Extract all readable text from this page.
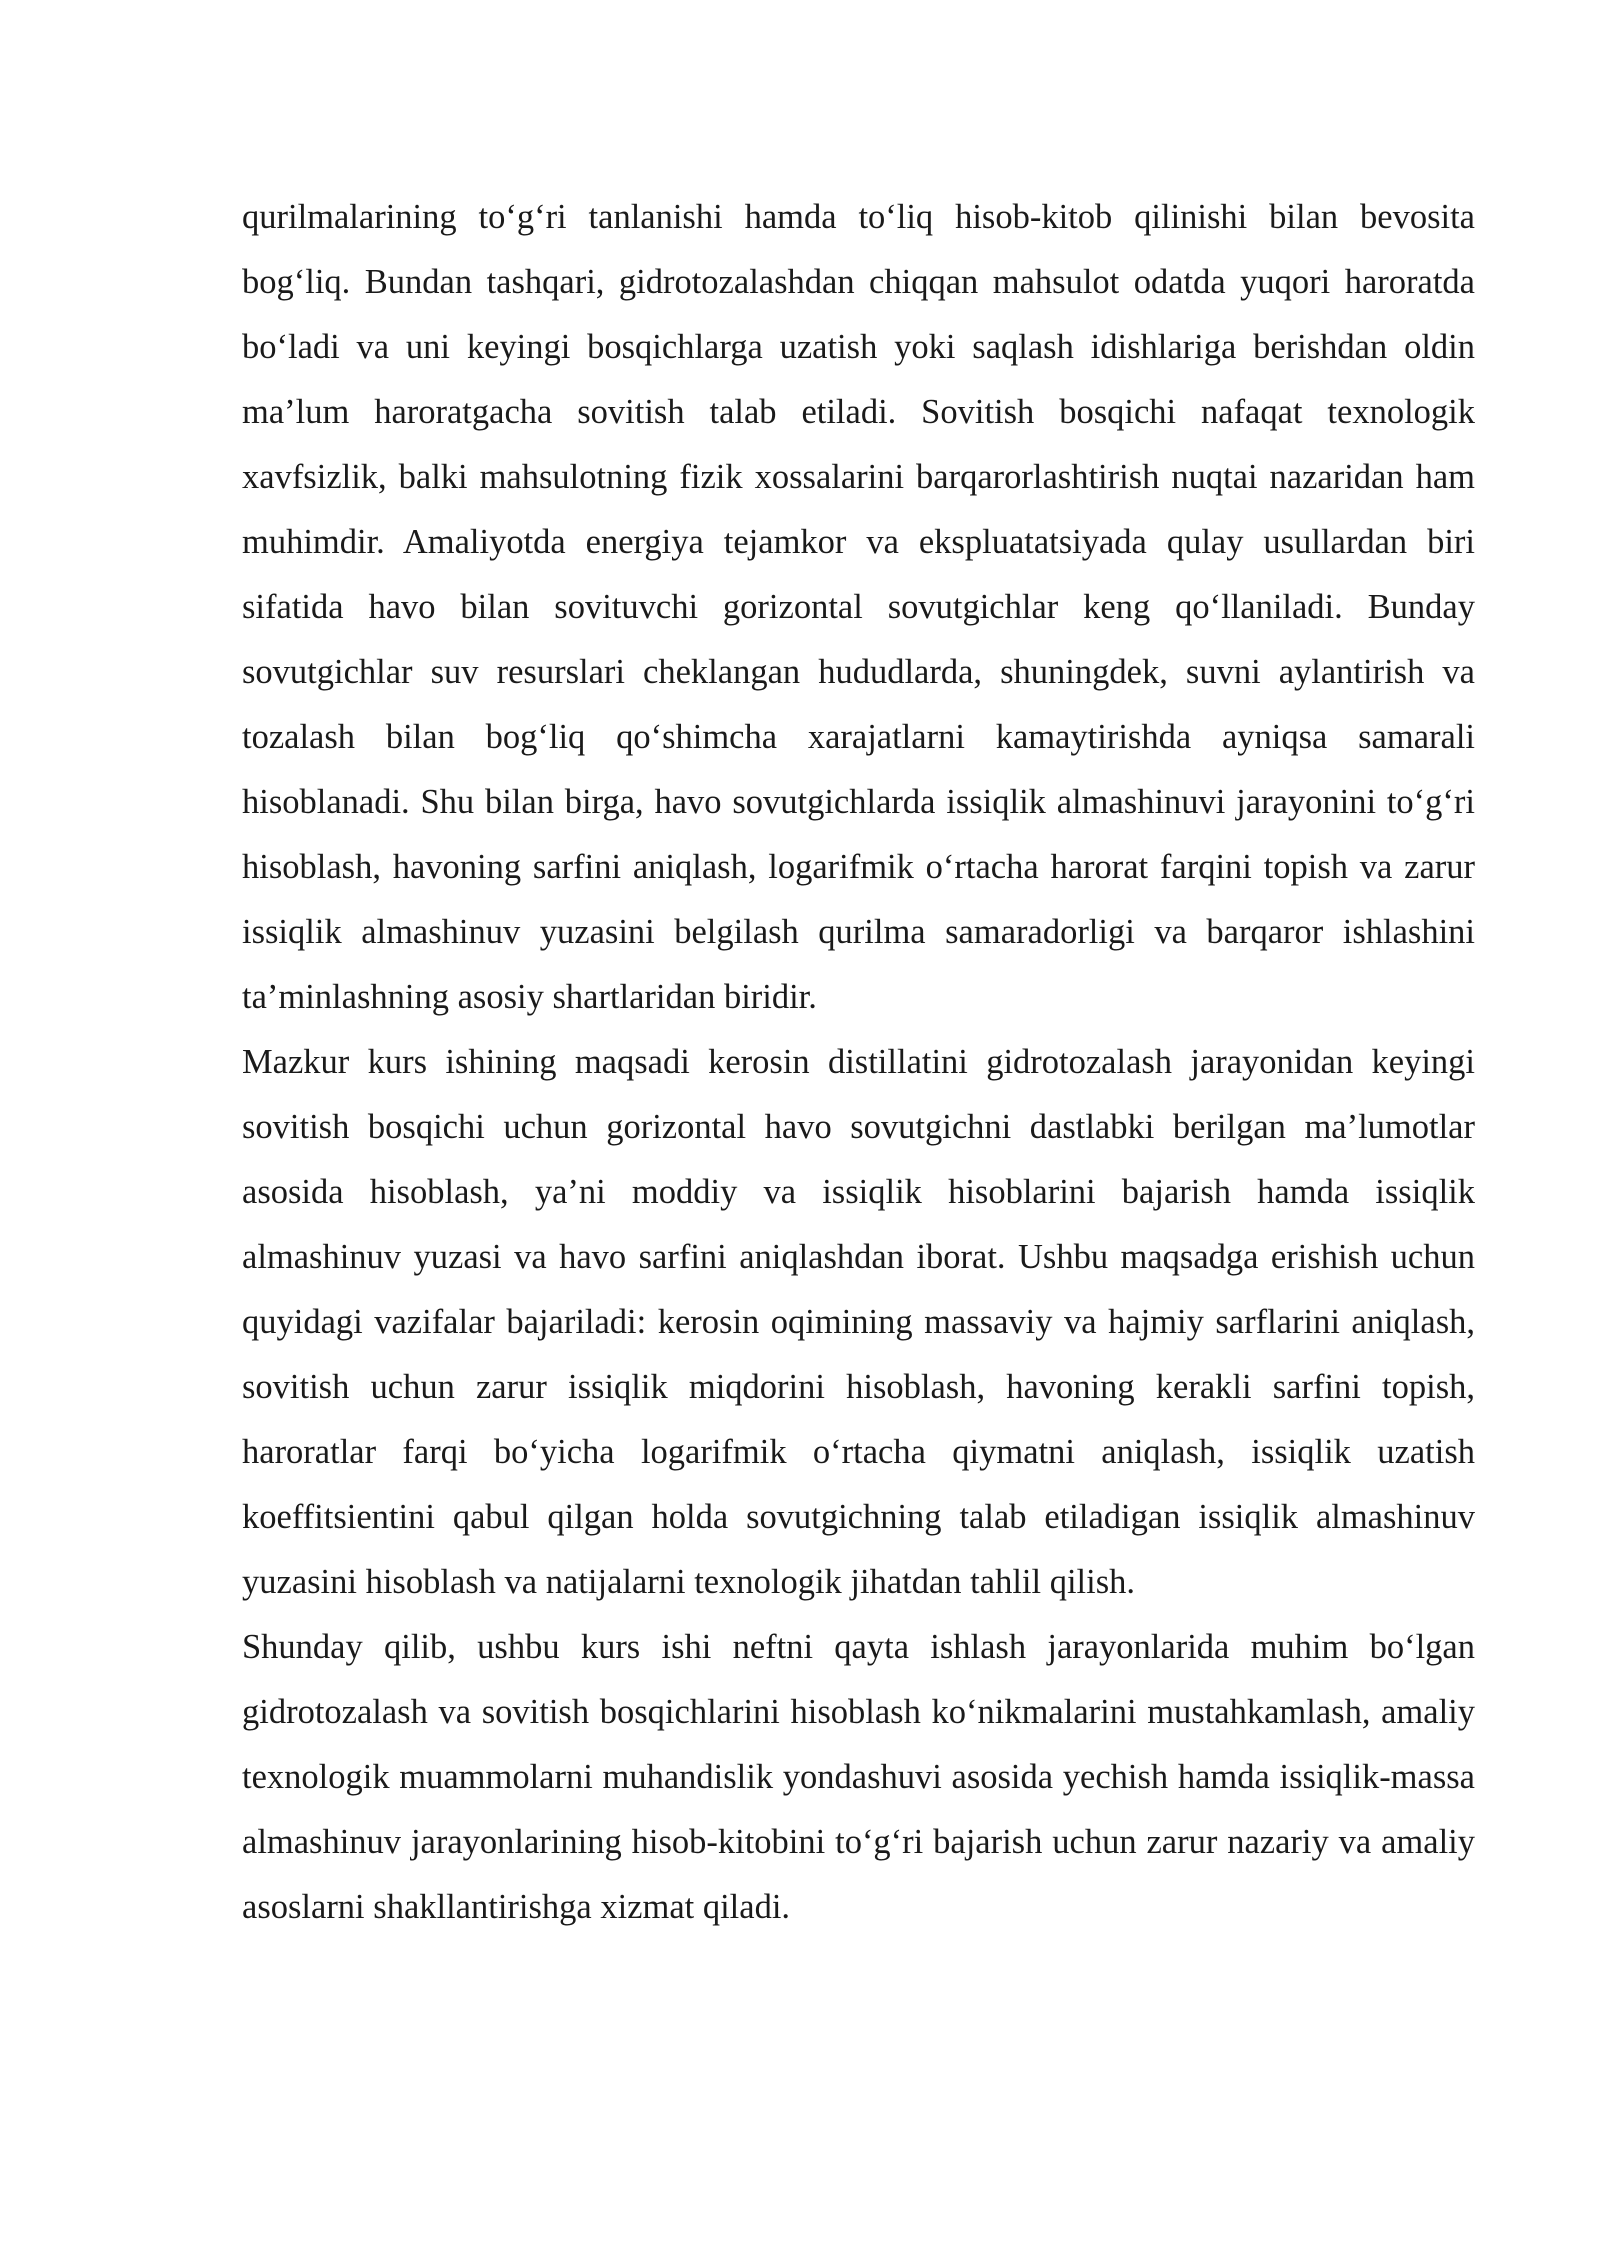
qurilmalarining to‘g‘ri tanlanishi hamda to‘liq hisob-kitob qilinishi bilan bevosita bog‘liq. Bundan tashqari, gidrotozalashdan chiqqan mahsulot odatda yuqori haroratda bo‘ladi va uni keyingi bosqichlarga uzatish yoki saqlash idishlariga berishdan oldin ma’lum haroratgacha sovitish talab etiladi. Sovitish bosqichi nafaqat texnologik xavfsizlik, balki mahsulotning fizik xossalarini barqarorlashtirish nuqtai nazaridan ham muhimdir. Amaliyotda energiya tejamkor va ekspluatatsiyada qulay usullardan biri sifatida havo bilan sovituvchi gorizontal sovutgichlar keng qo‘llaniladi. Bunday sovutgichlar suv resurslari cheklangan hududlarda, shuningdek, suvni aylantirish va tozalash bilan bog‘liq qo‘shimcha xarajatlarni kamaytirishda ayniqsa samarali hisoblanadi. Shu bilan birga, havo sovutgichlarda issiqlik almashinuvi jarayonini to‘g‘ri hisoblash, havoning sarfini aniqlash, logarifmik o‘rtacha harorat farqini topish va zarur issiqlik almashinuv yuzasini belgilash qurilma samaradorligi va barqaror ishlashini ta’minlashning asosiy shartlaridan biridir.

Mazkur kurs ishining maqsadi kerosin distillatini gidrotozalash jarayonidan keyingi sovitish bosqichi uchun gorizontal havo sovutgichni dastlabki berilgan ma’lumotlar asosida hisoblash, ya’ni moddiy va issiqlik hisoblarini bajarish hamda issiqlik almashinuv yuzasi va havo sarfini aniqlashdan iborat. Ushbu maqsadga erishish uchun quyidagi vazifalar bajariladi: kerosin oqimining massaviy va hajmiy sarflarini aniqlash, sovitish uchun zarur issiqlik miqdorini hisoblash, havoning kerakli sarfini topish, haroratlar farqi bo‘yicha logarifmik o‘rtacha qiymatni aniqlash, issiqlik uzatish koeffitsientini qabul qilgan holda sovutgichning talab etiladigan issiqlik almashinuv yuzasini hisoblash va natijalarni texnologik jihatdan tahlil qilish.

Shunday qilib, ushbu kurs ishi neftni qayta ishlash jarayonlarida muhim bo‘lgan gidrotozalash va sovitish bosqichlarini hisoblash ko‘nikmalarini mustahkamlash, amaliy texnologik muammolarni muhandislik yondashuvi asosida yechish hamda issiqlik-massa almashinuv jarayonlarining hisob-kitobini to‘g‘ri bajarish uchun zarur nazariy va amaliy asoslarni shakllantirishga xizmat qiladi.
